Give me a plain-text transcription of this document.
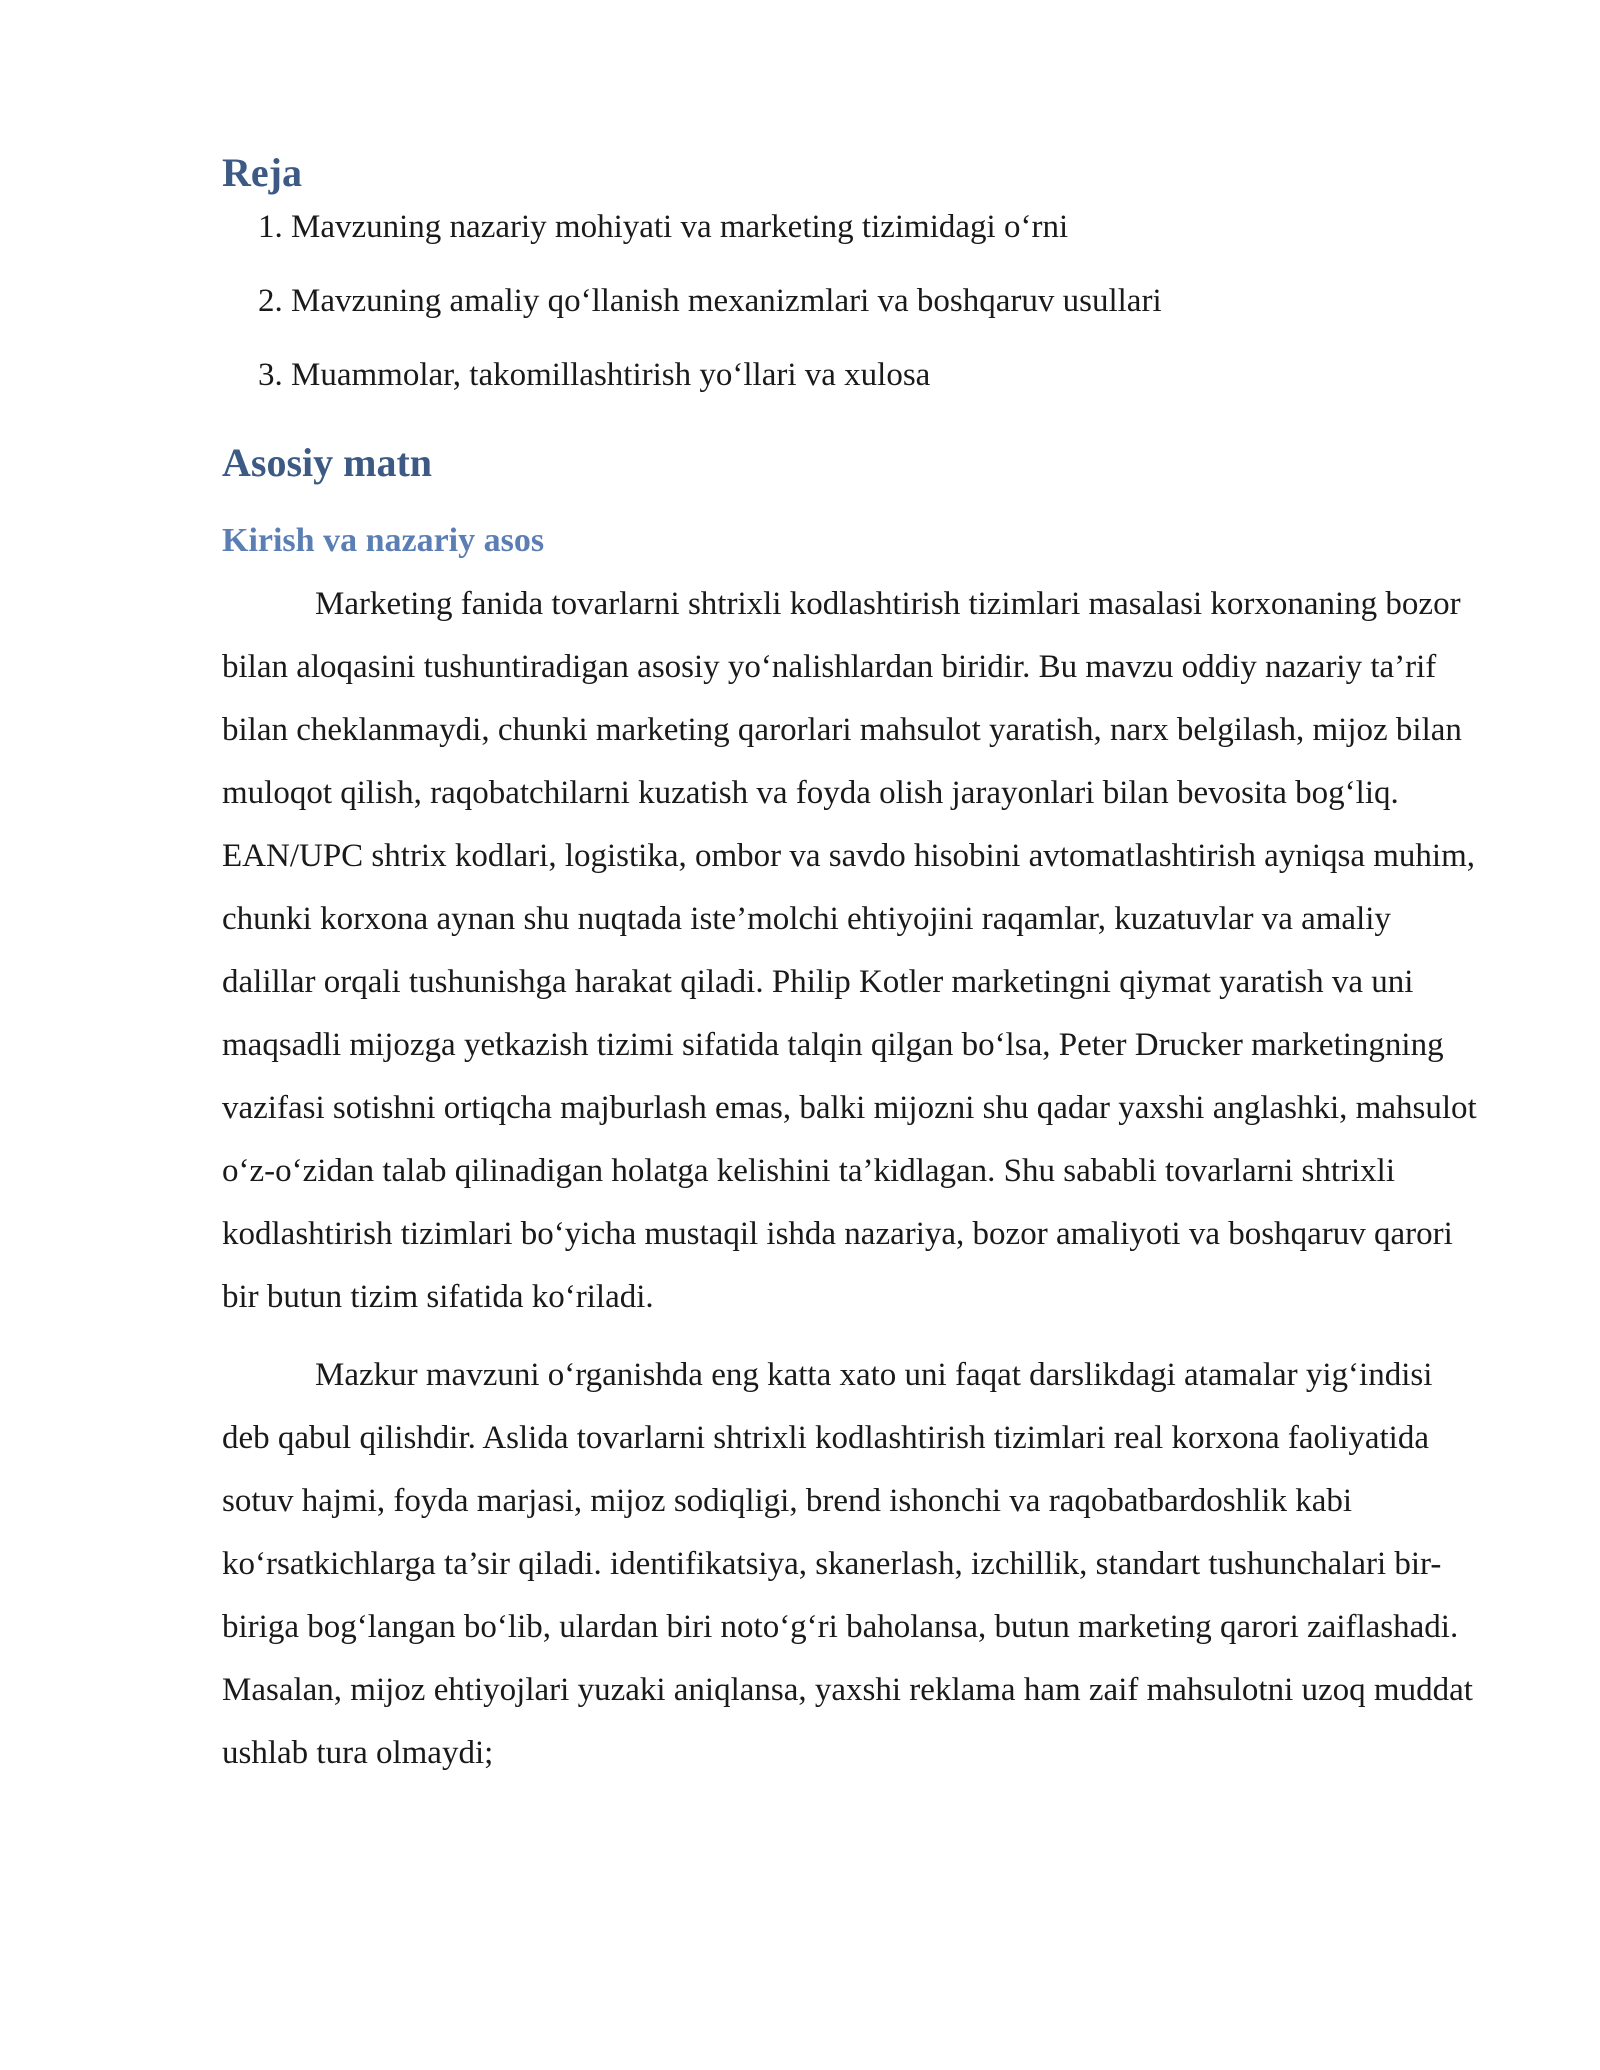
Reja
1. Mavzuning nazariy mohiyati va marketing tizimidagi o‘rni
2. Mavzuning amaliy qo‘llanish mexanizmlari va boshqaruv usullari
3. Muammolar, takomillashtirish yo‘llari va xulosa
Asosiy matn
Kirish va nazariy asos

Marketing fanida tovarlarni shtrixli kodlashtirish tizimlari masalasi korxonaning bozor bilan aloqasini tushuntiradigan asosiy yo‘nalishlardan biridir. Bu mavzu oddiy nazariy ta’rif bilan cheklanmaydi, chunki marketing qarorlari mahsulot yaratish, narx belgilash, mijoz bilan muloqot qilish, raqobatchilarni kuzatish va foyda olish jarayonlari bilan bevosita bog‘liq. EAN/UPC shtrix kodlari, logistika, ombor va savdo hisobini avtomatlashtirish ayniqsa muhim, chunki korxona aynan shu nuqtada iste’molchi ehtiyojini raqamlar, kuzatuvlar va amaliy dalillar orqali tushunishga harakat qiladi. Philip Kotler marketingni qiymat yaratish va uni maqsadli mijozga yetkazish tizimi sifatida talqin qilgan bo‘lsa, Peter Drucker marketingning vazifasi sotishni ortiqcha majburlash emas, balki mijozni shu qadar yaxshi anglashki, mahsulot o‘z-o‘zidan talab qilinadigan holatga kelishini ta’kidlagan. Shu sababli tovarlarni shtrixli kodlashtirish tizimlari bo‘yicha mustaqil ishda nazariya, bozor amaliyoti va boshqaruv qarori bir butun tizim sifatida ko‘riladi.

Mazkur mavzuni o‘rganishda eng katta xato uni faqat darslikdagi atamalar yig‘indisi deb qabul qilishdir. Aslida tovarlarni shtrixli kodlashtirish tizimlari real korxona faoliyatida sotuv hajmi, foyda marjasi, mijoz sodiqligi, brend ishonchi va raqobatbardoshlik kabi ko‘rsatkichlarga ta’sir qiladi. identifikatsiya, skanerlash, izchillik, standart tushunchalari bir-biriga bog‘langan bo‘lib, ulardan biri noto‘g‘ri baholansa, butun marketing qarori zaiflashadi. Masalan, mijoz ehtiyojlari yuzaki aniqlansa, yaxshi reklama ham zaif mahsulotni uzoq muddat ushlab tura olmaydi;
